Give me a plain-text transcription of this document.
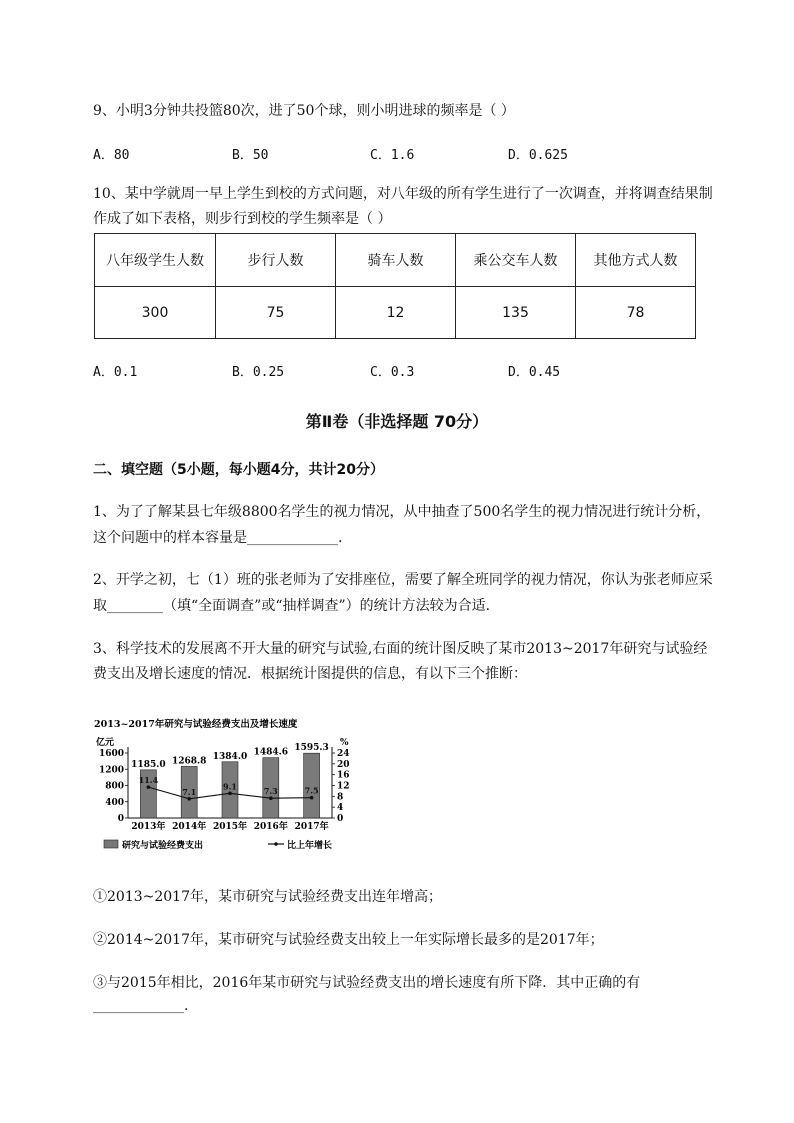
9、小明3分钟共投篮80次，进了50个球，则小明进球的频率是（ ）
A．80	B．50	C．1.6	D．0.625
10、某中学就周一早上学生到校的方式问题，对八年级的所有学生进行了一次调查，并将调查结果制
作成了如下表格，则步行到校的学生频率是（ ）
八年级学生人数	步行人数	骑车人数	乘公交车人数	其他方式人数
300	75	12	135	78
A．0.1	B．0.25	C．0.3	D．0.45
第Ⅱ卷（非选择题 70分）
二、填空题（5小题，每小题4分，共计20分）
1、为了了解某县七年级8800名学生的视力情况，从中抽查了500名学生的视力情况进行统计分析，
这个问题中的样本容量是_____________.
2、开学之初，七（1）班的张老师为了安排座位，需要了解全班同学的视力情况，你认为张老师应采
取________（填“全面调查”或“抽样调查”）的统计方法较为合适．
3、科学技术的发展离不开大量的研究与试验,右面的统计图反映了某市2013~2017年研究与试验经
费支出及增长速度的情况．根据统计图提供的信息，有以下三个推断：
2013~2017年研究与试验经费支出及增长速度
亿元	%
0
400
800
1200
1600
0
4
8
12
16
20
24
1185.0
2013年
1268.8
2014年
1384.0
2015年
1484.6
2016年
1595.3
2017年
11.4
7.1
9.1	7.3	7.5
研究与试验经费支出	比上年增长
①2013~2017年，某市研究与试验经费支出连年增高；
②2014~2017年，某市研究与试验经费支出较上一年实际增长最多的是2017年；
③与2015年相比，2016年某市研究与试验经费支出的增长速度有所下降．其中正确的有
_____________.
